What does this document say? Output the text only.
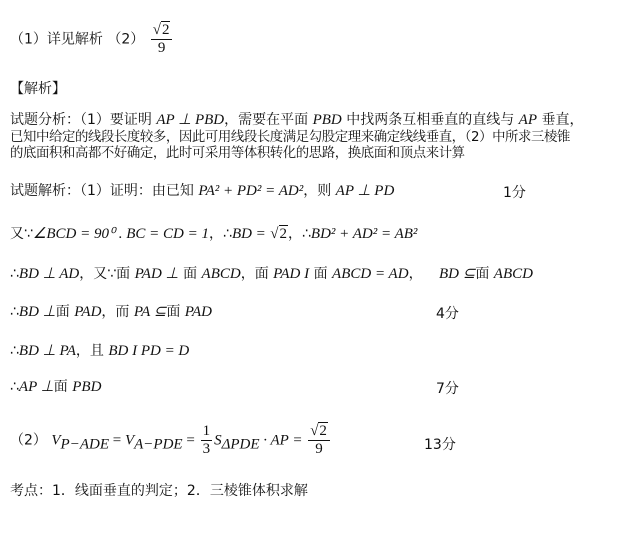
（1）详见解析 $(2) \frac{√2}{9}$
【解析】
试题分析：（1）要证明 AP ⊥ PBD，需要在平面 PBD 中找两条互相垂直的直线与 AP 垂直，
已知中给定的线段长度较多，因此可用线段长度满足勾股定理来确定线线垂直，（2）中所求三棱锥
的底面积和高都不好确定，此时可采用等体积转化的思路，换底面和顶点来计算
试题解析：（1）证明：由已知 PA² + PD² = AD²，则 AP ⊥ PD	1分
又∵∠BCD = 90⁰ . BC = CD = 1，∴BD = √2，∴BD² + AD² = AB²
∴BD ⊥ AD，又∵面 PAD ⊥ 面 ABCD，面 PAD I 面 ABCD = AD， BD ⊆面 ABCD
∴BD ⊥面 PAD，而 PA ⊆面 PAD	4分
∴BD ⊥ PA，且 BD I PD = D
∴AP ⊥面 PBD	7分
（2） $V_{P-ADE} = V_{A-PDE} = \frac{1}{3} S_{\Delta PDE}$ · AP = $\frac{√2}{9}$	13分
考点：1．线面垂直的判定；2．三棱锥体积求解
